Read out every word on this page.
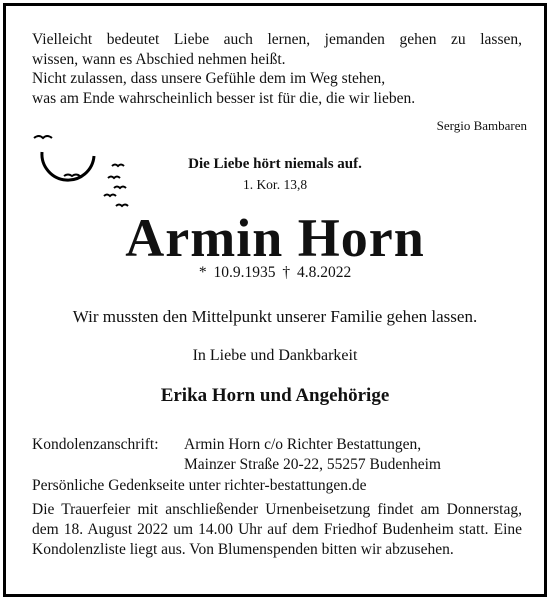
Vielleicht bedeutet Liebe auch lernen, jemanden gehen zu lassen,
wissen, wann es Abschied nehmen heißt.
Nicht zulassen, dass unsere Gefühle dem im Weg stehen,
was am Ende wahrscheinlich besser ist für die, die wir lieben.
Sergio Bambaren
Die Liebe hört niemals auf.
1. Kor. 13,8
Armin Horn
* 10.9.1935 † 4.8.2022
Wir mussten den Mittelpunkt unserer Familie gehen lassen.
In Liebe und Dankbarkeit
Erika Horn und Angehörige
Kondolenzanschrift: Armin Horn c/o Richter Bestattungen,
Mainzer Straße 20-22, 55257 Budenheim
Persönliche Gedenkseite unter richter-bestattungen.de
Die Trauerfeier mit anschließender Urnenbeisetzung findet am Donnerstag, dem 18. August 2022 um 14.00 Uhr auf dem Friedhof Budenheim statt. Eine Kondolenzliste liegt aus. Von Blumenspenden bitten wir abzusehen.
